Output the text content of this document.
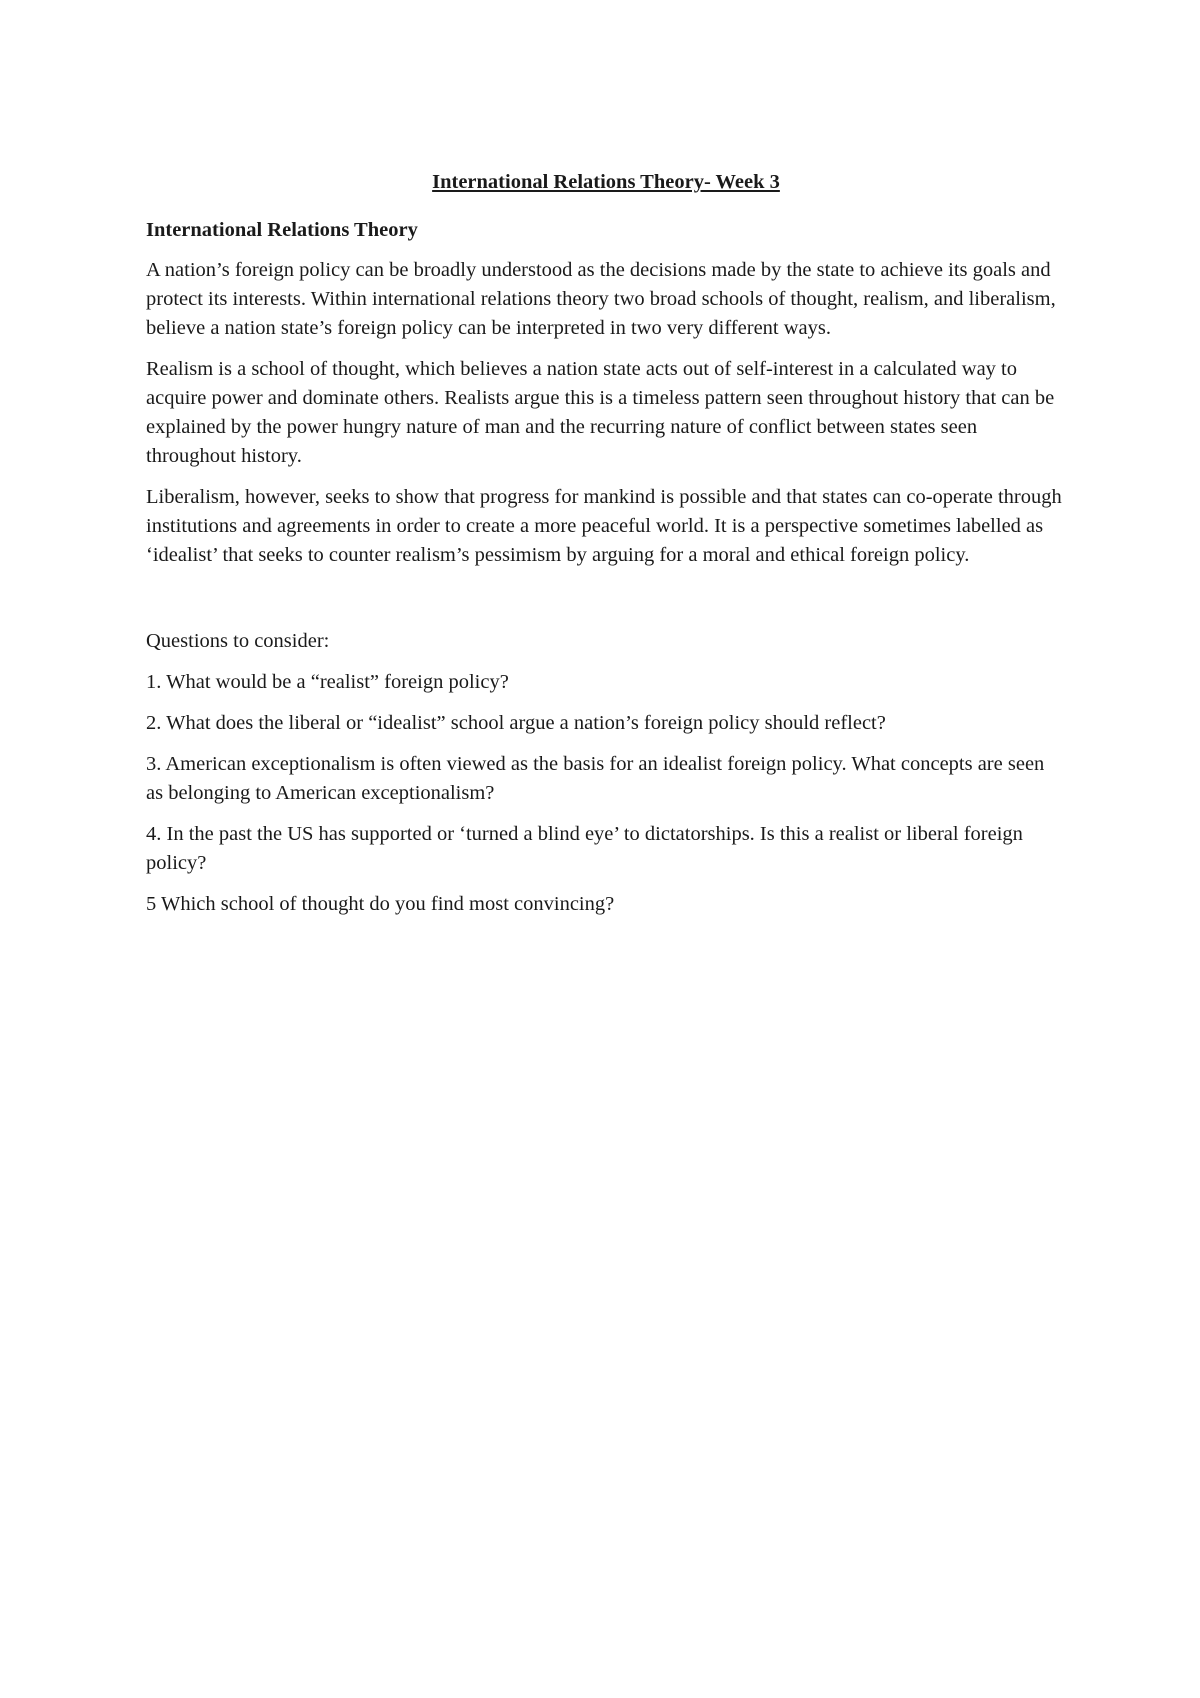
International Relations Theory- Week 3

International Relations Theory

A nation’s foreign policy can be broadly understood as the decisions made by the state to achieve its goals and protect its interests. Within international relations theory two broad schools of thought, realism, and liberalism, believe a nation state’s foreign policy can be interpreted in two very different ways.

Realism is a school of thought, which believes a nation state acts out of self-interest in a calculated way to acquire power and dominate others. Realists argue this is a timeless pattern seen throughout history that can be explained by the power hungry nature of man and the recurring nature of conflict between states seen throughout history.

Liberalism, however, seeks to show that progress for mankind is possible and that states can co-operate through institutions and agreements in order to create a more peaceful world. It is a perspective sometimes labelled as ‘idealist’ that seeks to counter realism’s pessimism by arguing for a moral and ethical foreign policy.

Questions to consider:

1. What would be a “realist” foreign policy?

2. What does the liberal or “idealist” school argue a nation’s foreign policy should reflect?

3. American exceptionalism is often viewed as the basis for an idealist foreign policy. What concepts are seen as belonging to American exceptionalism?

4. In the past the US has supported or ‘turned a blind eye’ to dictatorships. Is this a realist or liberal foreign policy?

5 Which school of thought do you find most convincing?
